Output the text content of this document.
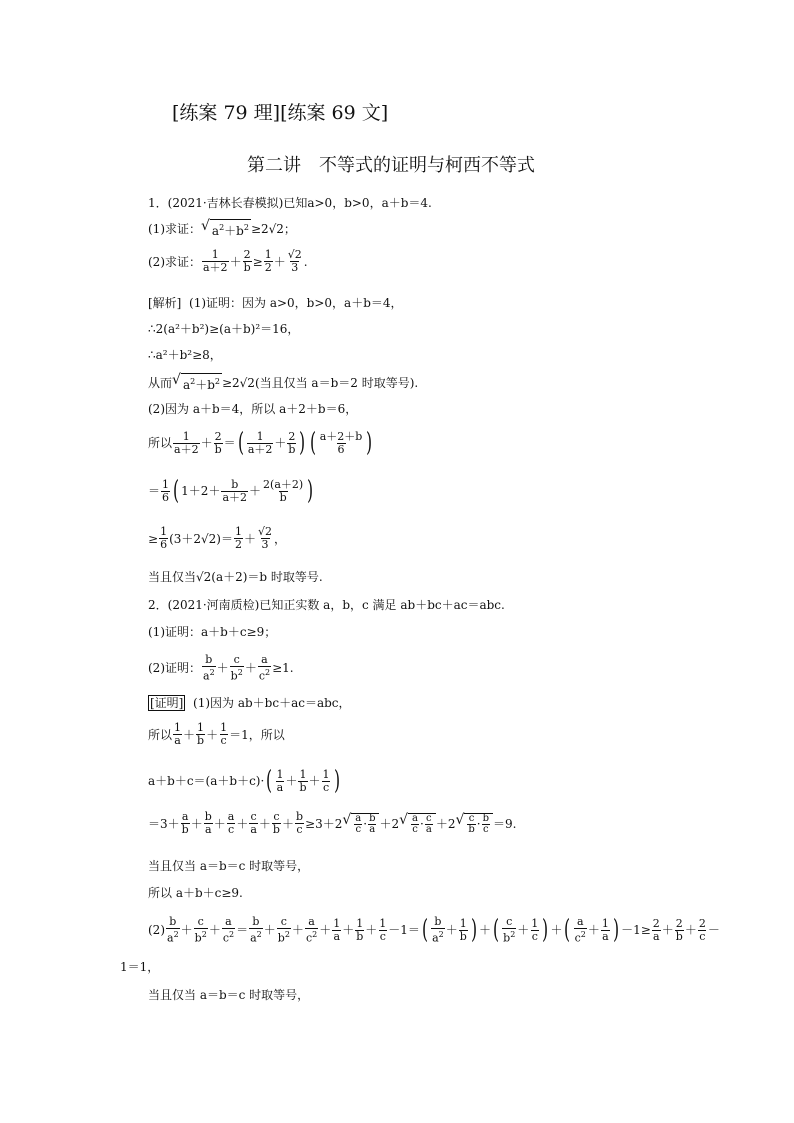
[练案 79 理][练案 69 文]
第二讲 不等式的证明与柯西不等式
1．(2021·吉林长春模拟)已知a>0，b>0，a＋b＝4.
(1)求证： √ $a^2+b^2 \ge 2√2$；
(2)求证： $\frac{1}{a+2} + \frac{2}{b} \ge \frac{1}{2} + \frac{√2}{3}$ .
[解析] (1)证明：因为 a>0，b>0，a＋b＝4，
∴2(a²＋b²)≥(a＋b)²＝16，
∴a²＋b²≥8，
从而 √ $a^2+b^2 \ge 2√2$(当且仅当 a＝b＝2 时取等号).
(2)因为 a＋b＝4，所以 a＋2＋b＝6，
所以 $\frac{1}{a+2} + \frac{2}{b}$ ＝ ( $\frac{1}{a+2} + \frac{2}{b}$ ) ( $\frac{a+2+b}{6}$ )
＝ $\frac{1}{6}$ ( $1+2+ \frac{b}{a+2} + \frac{2(a+2)}{b}$ )
≥ $\frac{1}{6} (3+2√2)= \frac{1}{2} + \frac{√2}{3}$ ，
当且仅当√2(a＋2)＝b 时取等号.
2．(2021·河南质检)已知正实数 a，b，c 满足 ab＋bc＋ac＝abc.
(1)证明：a＋b＋c≥9；
(2)证明： $\frac{b}{a^2} + \frac{c}{b^2} + \frac{a}{c^2} \ge 1$.
[证明] (1)因为 ab＋bc＋ac＝abc，
所以 $\frac{1}{a} + \frac{1}{b} + \frac{1}{c} =1$，所以
a＋b＋c＝(a＋b＋c)· ( $\frac{1}{a} + \frac{1}{b} + \frac{1}{c}$ )
$=3+ \frac{a}{b} + \frac{b}{a} + \frac{a}{c} + \frac{c}{a} + \frac{c}{b} + \frac{b}{c} \ge 3+2$ √ $\frac{a}{c} \cdot \frac{b}{a} +2$ √ $\frac{a}{c} \cdot \frac{c}{a} +2$ √ $\frac{c}{b} \cdot \frac{b}{c} =9$.
当且仅当 a＝b＝c 时取等号，
所以 a＋b＋c≥9.
$(2) \frac{b}{a^2} + \frac{c}{b^2} + \frac{a}{c^2} = \frac{b}{a^2} + \frac{c}{b^2} + \frac{a}{c^2} + \frac{1}{a} + \frac{1}{b} + \frac{1}{c} -1=$ ( $\frac{b}{a^2} + \frac{1}{b}$ ) ＋ ( $\frac{c}{b^2} + \frac{1}{c}$ ) ＋ ( $\frac{a}{c^2} + \frac{1}{a}$ ) $-1\ge \frac{2}{a} + \frac{2}{b} + \frac{2}{c}$ －
1＝1，
当且仅当 a＝b＝c 时取等号，
